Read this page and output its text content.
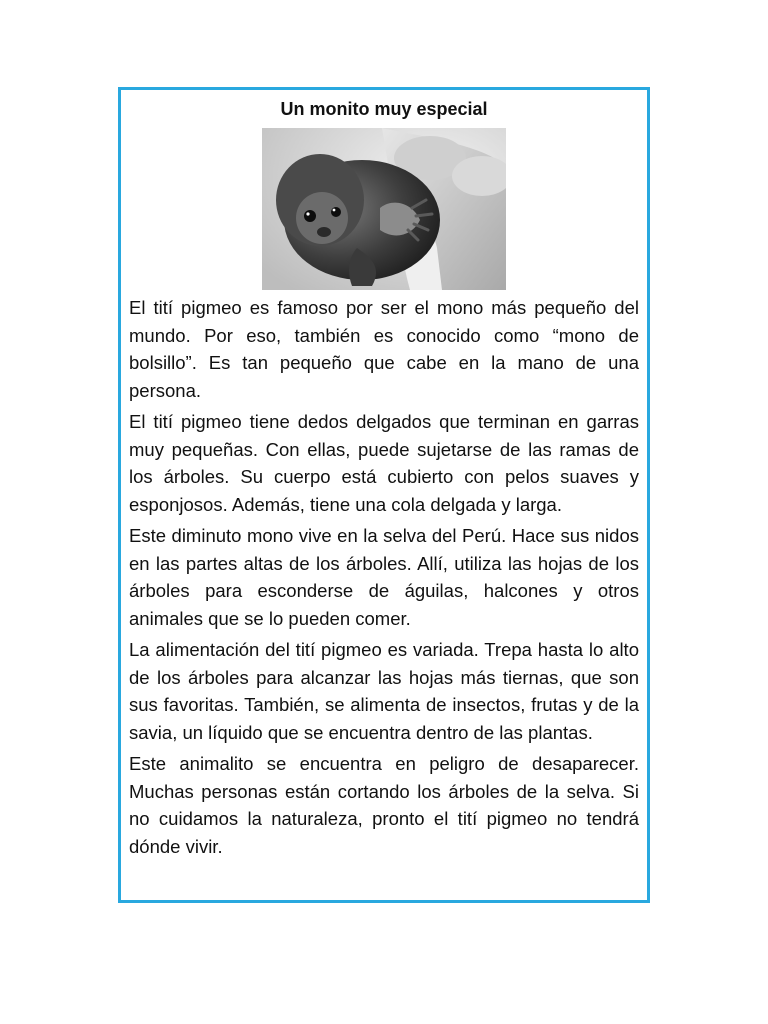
Un monito muy especial

El tití pigmeo es famoso por ser el mono más pequeño del mundo. Por eso, también es conocido como “mono de bolsillo”. Es tan pequeño que cabe en la mano de una persona.

El tití pigmeo tiene dedos delgados que terminan en garras muy pequeñas. Con ellas, puede sujetarse de las ramas de los árboles. Su cuerpo está cubierto con pelos suaves y esponjosos. Además, tiene una cola delgada y larga.

Este diminuto mono vive en la selva del Perú. Hace sus nidos en las partes altas de los árboles. Allí, utiliza las hojas de los árboles para esconderse de águilas, halcones y otros animales que se lo pueden comer.

La alimentación del tití pigmeo es variada. Trepa hasta lo alto de los árboles para alcanzar las hojas más tiernas, que son sus favoritas. También, se alimenta de insectos, frutas y de la savia, un líquido que se encuentra dentro de las plantas.

Este animalito se encuentra en peligro de desaparecer. Muchas personas están cortando los árboles de la selva. Si no cuidamos la naturaleza, pronto el tití pigmeo no tendrá dónde vivir.
